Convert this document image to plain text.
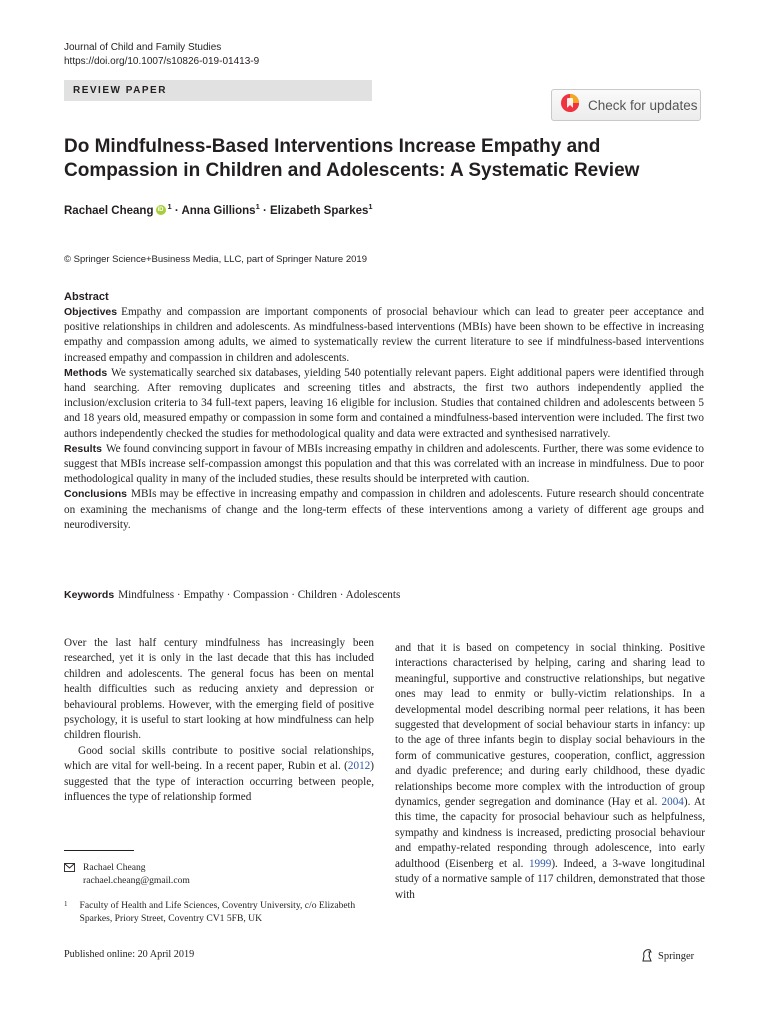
Journal of Child and Family Studies
https://doi.org/10.1007/s10826-019-01413-9
REVIEW PAPER
Check for updates
Do Mindfulness-Based Interventions Increase Empathy and Compassion in Children and Adolescents: A Systematic Review
Rachael CheangiD $^1$ · Anna Gillions$^1$ · Elizabeth Sparkes$^1$
© Springer Science+Business Media, LLC, part of Springer Nature 2019
Abstract

Objectives Empathy and compassion are important components of prosocial behaviour which can lead to greater peer acceptance and positive relationships in children and adolescents. As mindfulness-based interventions (MBIs) have been shown to be effective in increasing empathy and compassion among adults, we aimed to systematically review the current literature to see if mindfulness-based interventions increased empathy and compassion in children and adolescents.

Methods We systematically searched six databases, yielding 540 potentially relevant papers. Eight additional papers were identified through hand searching. After removing duplicates and screening titles and abstracts, the first two authors independently applied the inclusion/exclusion criteria to 34 full-text papers, leaving 16 eligible for inclusion. Studies that contained children and adolescents between 5 and 18 years old, measured empathy or compassion in some form and contained a mindfulness-based intervention were included. The first two authors independently checked the studies for methodological quality and data were extracted and synthesised narratively.

Results We found convincing support in favour of MBIs increasing empathy in children and adolescents. Further, there was some evidence to suggest that MBIs increase self-compassion amongst this population and that this was correlated with an increase in mindfulness. Due to poor methodological quality in many of the included studies, these results should be interpreted with caution.

Conclusions MBIs may be effective in increasing empathy and compassion in children and adolescents. Future research should concentrate on examining the mechanisms of change and the long-term effects of these interventions among a variety of different age groups and neurodiversity.

Keywords Mindfulness · Empathy · Compassion · Children · Adolescents

Over the last half century mindfulness has increasingly been researched, yet it is only in the last decade that this has included children and adolescents. The general focus has been on mental health difficulties such as reducing anxiety and depression or behavioural problems. However, with the emerging field of positive psychology, it is useful to start looking at how mindfulness can help children flourish.

Good social skills contribute to positive social relationships, which are vital for well-being. In a recent paper, Rubin et al. (2012) suggested that the type of interaction occurring between people, influences the type of relationship formed

and that it is based on competency in social thinking. Positive interactions characterised by helping, caring and sharing lead to meaningful, supportive and constructive relationships, but negative ones may lead to enmity or bully-victim relationships. In a developmental model describing normal peer relations, it has been suggested that development of social behaviour starts in infancy: up to the age of three infants begin to display social behaviours in the form of communicative gestures, cooperation, conflict, aggression and dyadic preference; and during early childhood, these dyadic relationships become more complex with the introduction of group dynamics, gender segregation and dominance (Hay et al. 2004). At this time, the capacity for prosocial behaviour such as helpfulness, sympathy and kindness is increased, predicting prosocial behaviour and empathy-related responding through adolescence, into early adulthood (Eisenberg et al. 1999). Indeed, a 3-wave longitudinal study of a normative sample of 117 children, demonstrated that those with

Rachael Cheang
rachael.cheang@gmail.com
1 Faculty of Health and Life Sciences, Coventry University, c/o Elizabeth Sparkes, Priory Street, Coventry CV1 5FB, UK
Published online: 20 April 2019	Springer
